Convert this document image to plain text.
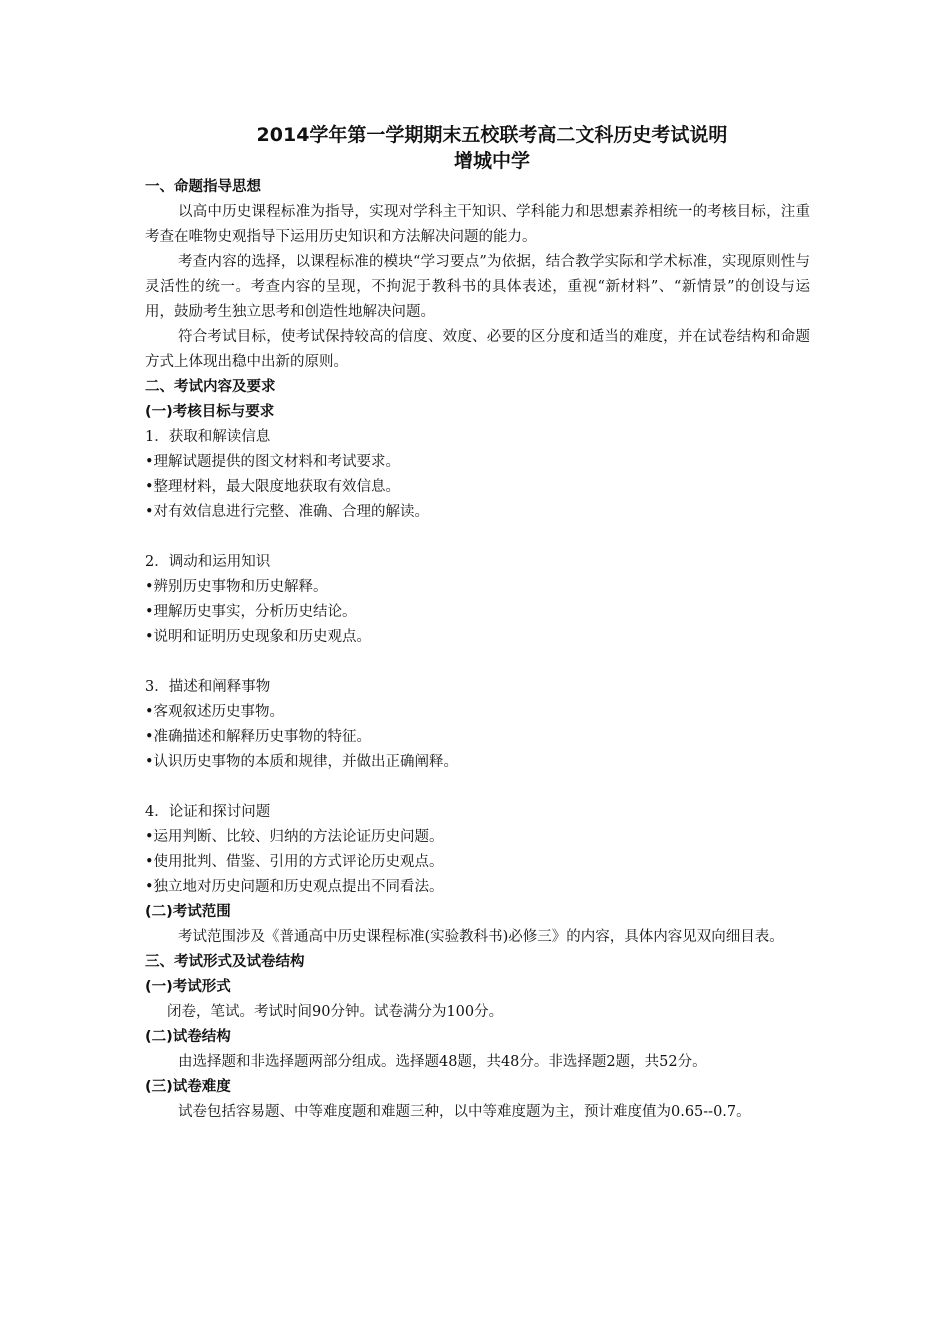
2014学年第一学期期末五校联考高二文科历史考试说明
增城中学
一、命题指导思想
以高中历史课程标准为指导，实现对学科主干知识、学科能力和思想素养相统一的考核目标，注重考查在唯物史观指导下运用历史知识和方法解决问题的能力。
考查内容的选择，以课程标准的模块“学习要点”为依据，结合教学实际和学术标准，实现原则性与灵活性的统一。考查内容的呈现，不拘泥于教科书的具体表述，重视“新材料”、“新情景”的创设与运用，鼓励考生独立思考和创造性地解决问题。
符合考试目标，使考试保持较高的信度、效度、必要的区分度和适当的难度，并在试卷结构和命题方式上体现出稳中出新的原则。
二、考试内容及要求
(一)考核目标与要求
1．获取和解读信息
•理解试题提供的图文材料和考试要求。
•整理材料，最大限度地获取有效信息。
•对有效信息进行完整、准确、合理的解读。
2．调动和运用知识
•辨别历史事物和历史解释。
•理解历史事实，分析历史结论。
•说明和证明历史现象和历史观点。
3．描述和阐释事物
•客观叙述历史事物。
•准确描述和解释历史事物的特征。
•认识历史事物的本质和规律，并做出正确阐释。
4．论证和探讨问题
•运用判断、比较、归纳的方法论证历史问题。
•使用批判、借鉴、引用的方式评论历史观点。
•独立地对历史问题和历史观点提出不同看法。
(二)考试范围
考试范围涉及《普通高中历史课程标准(实验教科书)必修三》的内容，具体内容见双向细目表。
三、考试形式及试卷结构
(一)考试形式
闭卷，笔试。考试时间90分钟。试卷满分为100分。
(二)试卷结构
由选择题和非选择题两部分组成。选择题48题，共48分。非选择题2题，共52分。
(三)试卷难度
试卷包括容易题、中等难度题和难题三种，以中等难度题为主，预计难度值为0.65--0.7。
